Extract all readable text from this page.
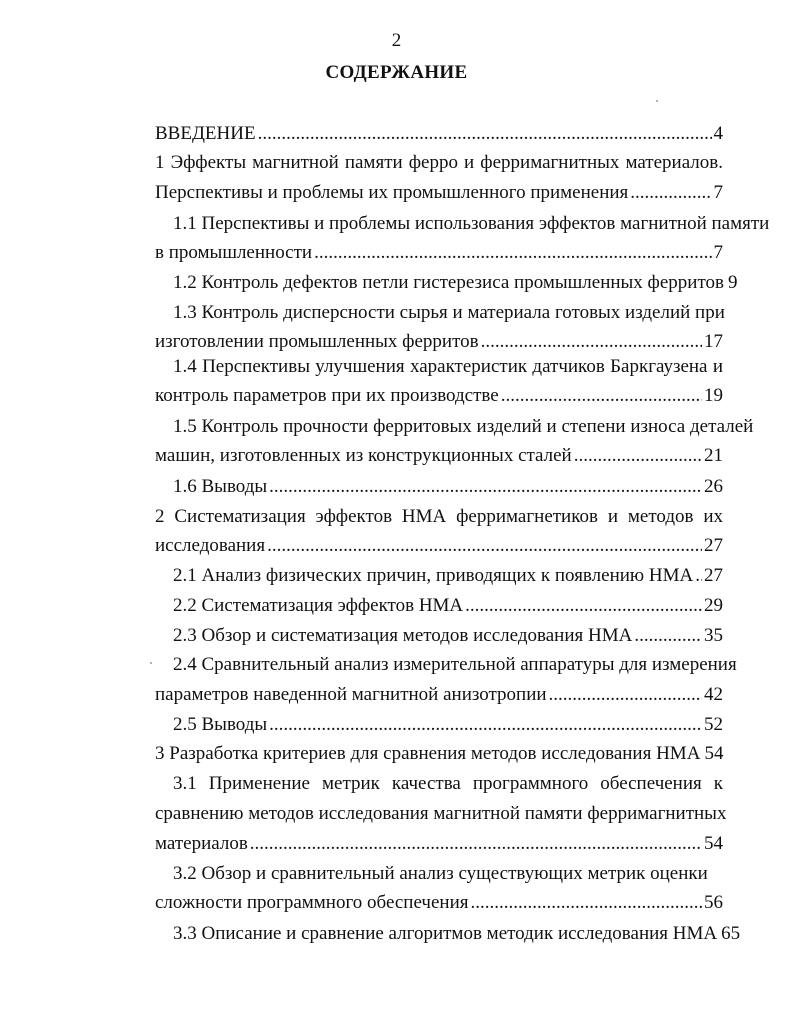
2
СОДЕРЖАНИЕ
ВВЕДЕНИЕ .....	4
1 Эффекты магнитной памяти ферро и ферримагнитных материалов.
Перспективы и проблемы их промышленного применения .....	7
1.1 Перспективы и проблемы использования эффектов магнитной памяти
в промышленности .....	7
1.2 Контроль дефектов петли гистерезиса промышленных ферритов 9
1.3 Контроль дисперсности сырья и материала готовых изделий при
изготовлении промышленных ферритов .....	17
1.4 Перспективы улучшения характеристик датчиков Баркгаузена и
контроль параметров при их производстве .....	19
1.5 Контроль прочности ферритовых изделий и степени износа деталей
машин, изготовленных из конструкционных сталей .....	21
1.6 Выводы .....	26
2 Систематизация эффектов НМА ферримагнетиков и методов их
исследования .....	27
2.1 Анализ физических причин, приводящих к появлению НМА ..... 27
2.2 Систематизация эффектов НМА .....	29
2.3 Обзор и систематизация методов исследования НМА .....	35
2.4 Сравнительный анализ измерительной аппаратуры для измерения
параметров наведенной магнитной анизотропии .....	42
2.5 Выводы .....	52
3 Разработка критериев для сравнения методов исследования НМА 54
3.1 Применение метрик качества программного обеспечения к
сравнению методов исследования магнитной памяти ферримагнитных
материалов .....	54
3.2 Обзор и сравнительный анализ существующих метрик оценки
сложности программного обеспечения .....	56
3.3 Описание и сравнение алгоритмов методик исследования НМА 65
